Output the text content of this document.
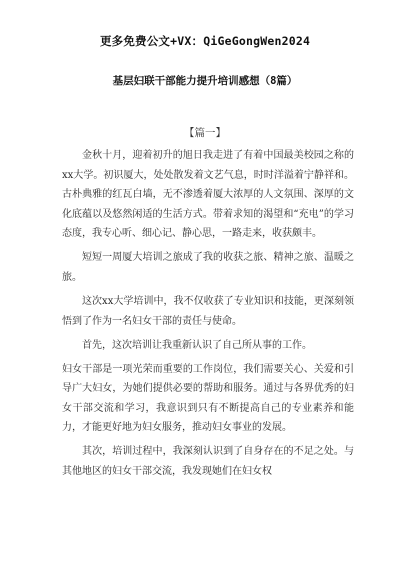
更多免费公文+VX：QiGeGongWen2024
基层妇联干部能力提升培训感想（8篇）
【篇一】

金秋十月，迎着初升的旭日我走进了有着中国最美校园之称的xx大学。初识厦大，处处散发着文艺气息，时时洋溢着宁静祥和。古朴典雅的红瓦白墙，无不渗透着厦大浓厚的人文氛围、深厚的文化底蕴以及悠然闲适的生活方式。带着求知的渴望和“充电”的学习态度，我专心听、细心记、静心思，一路走来，收获颇丰。

短短一周厦大培训之旅成了我的收获之旅、精神之旅、温暖之旅。

这次xx大学培训中，我不仅收获了专业知识和技能，更深刻领悟到了作为一名妇女干部的责任与使命。

首先，这次培训让我重新认识了自己所从事的工作。

妇女干部是一项光荣而重要的工作岗位，我们需要关心、关爱和引导广大妇女，为她们提供必要的帮助和服务。通过与各界优秀的妇女干部交流和学习，我意识到只有不断提高自己的专业素养和能力，才能更好地为妇女服务，推动妇女事业的发展。

其次，培训过程中，我深刻认识到了自身存在的不足之处。与其他地区的妇女干部交流，我发现她们在妇女权
